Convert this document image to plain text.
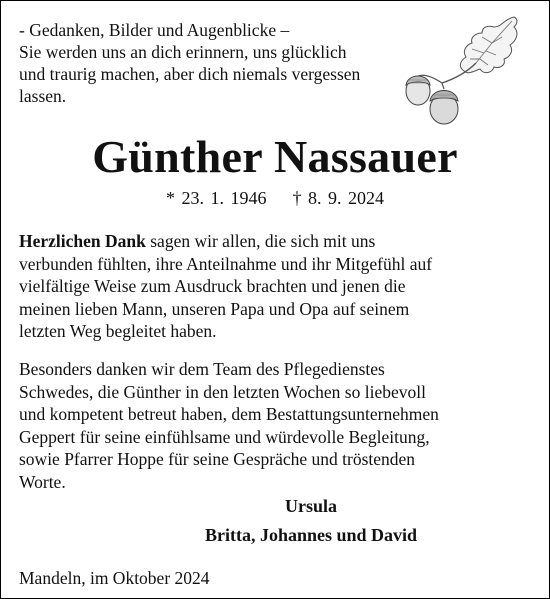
- Gedanken, Bilder und Augenblicke –
Sie werden uns an dich erinnern, uns glücklich
und traurig machen, aber dich niemals vergessen
lassen.
Günther Nassauer
* 23. 1. 1946 † 8. 9. 2024
Herzlichen Dank sagen wir allen, die sich mit uns
verbunden fühlten, ihre Anteilnahme und ihr Mitgefühl auf
vielfältige Weise zum Ausdruck brachten und jenen die
meinen lieben Mann, unseren Papa und Opa auf seinem
letzten Weg begleitet haben.
Besonders danken wir dem Team des Pflegedienstes
Schwedes, die Günther in den letzten Wochen so liebevoll
und kompetent betreut haben, dem Bestattungsunternehmen
Geppert für seine einfühlsame und würdevolle Begleitung,
sowie Pfarrer Hoppe für seine Gespräche und tröstenden
Worte.
Ursula
Britta, Johannes und David
Mandeln, im Oktober 2024
